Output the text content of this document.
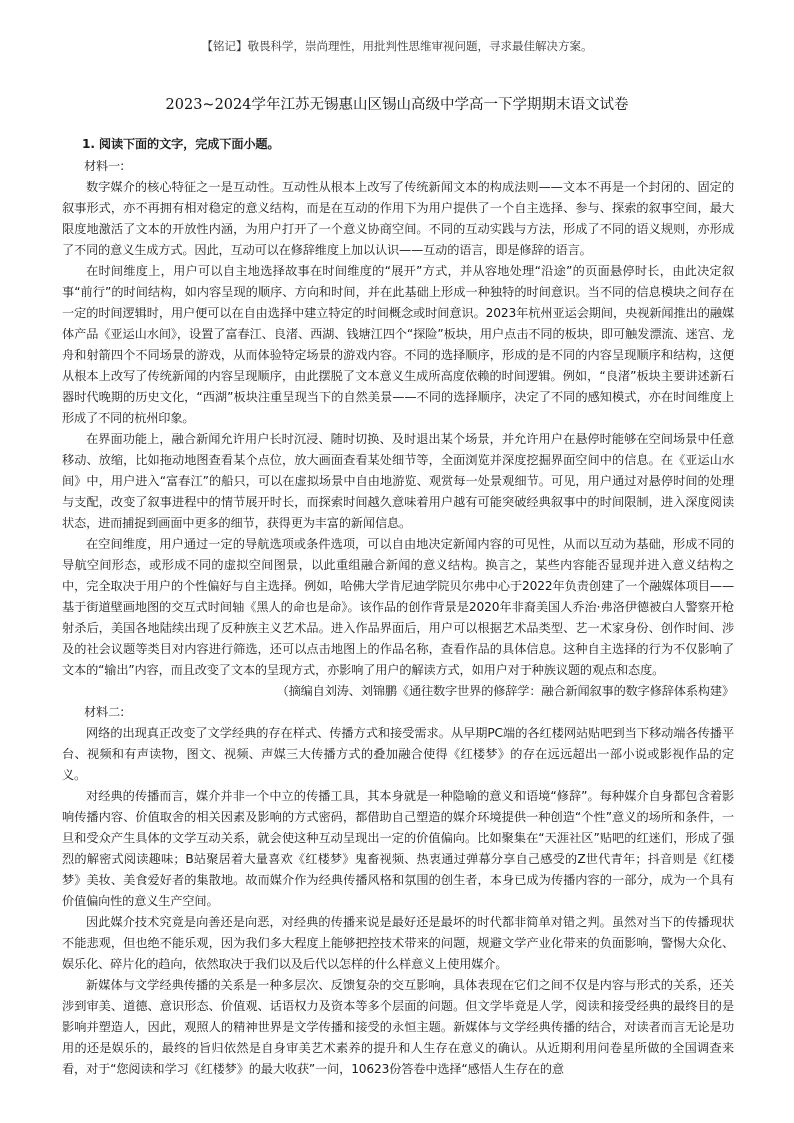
【铭记】敬畏科学，崇尚理性，用批判性思维审视问题，寻求最佳解决方案。
2023~2024学年江苏无锡惠山区锡山高级中学高一下学期期末语文试卷
1. 阅读下面的文字，完成下面小题。
材料一:

数字媒介的核心特征之一是互动性。互动性从根本上改写了传统新闻文本的构成法则——文本不再是一个封闭的、固定的叙事形式，亦不再拥有相对稳定的意义结构，而是在互动的作用下为用户提供了一个自主选择、参与、探索的叙事空间，最大限度地激活了文本的开放性内涵，为用户打开了一个意义协商空间。不同的互动实践与方法，形成了不同的语义规则，亦形成了不同的意义生成方式。因此，互动可以在修辞维度上加以认识——互动的语言，即是修辞的语言。

在时间维度上，用户可以自主地选择故事在时间维度的“展开”方式，并从容地处理“沿途”的页面悬停时长，由此决定叙事“前行”的时间结构，如内容呈现的顺序、方向和时间，并在此基础上形成一种独特的时间意识。当不同的信息模块之间存在一定的时间逻辑时，用户便可以在自由选择中建立特定的时间概念或时间意识。2023年杭州亚运会期间，央视新闻推出的融媒体产品《亚运山水间》，设置了富春江、良渚、西湖、钱塘江四个“探险”板块，用户点击不同的板块，即可触发漂流、迷宫、龙舟和射箭四个不同场景的游戏，从而体验特定场景的游戏内容。不同的选择顺序，形成的是不同的内容呈现顺序和结构，这便从根本上改写了传统新闻的内容呈现顺序，由此摆脱了文本意义生成所高度依赖的时间逻辑。例如，“良渚”板块主要讲述新石器时代晚期的历史文化，“西湖”板块注重呈现当下的自然美景——不同的选择顺序，决定了不同的感知模式，亦在时间维度上形成了不同的杭州印象。

在界面功能上，融合新闻允许用户长时沉浸、随时切换、及时退出某个场景，并允许用户在悬停时能够在空间场景中任意移动、放缩，比如拖动地图查看某个点位，放大画面查看某处细节等，全面浏览并深度挖掘界面空间中的信息。在《亚运山水间》中，用户进入“富春江”的船只，可以在虚拟场景中自由地游览、观赏每一处景观细节。可见，用户通过对悬停时间的处理与支配，改变了叙事进程中的情节展开时长，而探索时间越久意味着用户越有可能突破经典叙事中的时间限制，进入深度阅读状态，进而捕捉到画面中更多的细节，获得更为丰富的新闻信息。

在空间维度，用户通过一定的导航选项或条件选项，可以自由地决定新闻内容的可见性，从而以互动为基础，形成不同的导航空间形态，或形成不同的虚拟空间图景，以此重组融合新闻的意义结构。换言之，某些内容能否显现并进入意义结构之中，完全取决于用户的个性偏好与自主选择。例如，哈佛大学肯尼迪学院贝尔弗中心于2022年负责创建了一个融媒体项目——基于街道壁画地图的交互式时间轴《黑人的命也是命》。该作品的创作背景是2020年非裔美国人乔治·弗洛伊德被白人警察开枪射杀后，美国各地陆续出现了反种族主义艺术品。进入作品界面后，用户可以根据艺术品类型、艺一术家身份、创作时间、涉及的社会议题等类目对内容进行筛选，还可以点击地图上的作品名称，查看作品的具体信息。这种自主选择的行为不仅影响了文本的“输出”内容，而且改变了文本的呈现方式，亦影响了用户的解读方式，如用户对于种族议题的观点和态度。

（摘编自刘涛、刘锦鹏《通往数字世界的修辞学：融合新闻叙事的数字修辞体系构建》

材料二:

网络的出现真正改变了文学经典的存在样式、传播方式和接受需求。从早期PC端的各红楼网站贴吧到当下移动端各传播平台、视频和有声读物，图文、视频、声媒三大传播方式的叠加融合使得《红楼梦》的存在远远超出一部小说或影视作品的定义。

对经典的传播而言，媒介并非一个中立的传播工具，其本身就是一种隐喻的意义和语境“修辞”。每种媒介自身都包含着影响传播内容、价值取舍的相关因素及影响的方式密码，都借助自己塑造的媒介环境提供一种创造“个性”意义的场所和条件，一旦和受众产生具体的文学互动关系，就会使这种互动呈现出一定的价值偏向。比如聚集在“天涯社区”贴吧的红迷们，形成了强烈的解密式阅读趣味；B站聚居着大量喜欢《红楼梦》鬼畜视频、热衷通过弹幕分享自己感受的Z世代青年；抖音则是《红楼梦》美妆、美食爱好者的集散地。故而媒介作为经典传播风格和氛围的创生者，本身已成为传播内容的一部分，成为一个具有价值偏向性的意义生产空间。

因此媒介技术究竟是向善还是向恶，对经典的传播来说是最好还是最坏的时代都非简单对错之判。虽然对当下的传播现状不能悲观，但也绝不能乐观，因为我们多大程度上能够把控技术带来的问题，规避文学产业化带来的负面影响，警惕大众化、娱乐化、碎片化的趋向，依然取决于我们以及后代以怎样的什么样意义上使用媒介。

新媒体与文学经典传播的关系是一种多层次、反馈复杂的交互影响，具体表现在它们之间不仅是内容与形式的关系，还关涉到审美、道德、意识形态、价值观、话语权力及资本等多个层面的问题。但文学毕竟是人学，阅读和接受经典的最终目的是影响并塑造人，因此，观照人的精神世界是文学传播和接受的永恒主题。新媒体与文学经典传播的结合，对读者而言无论是功用的还是娱乐的，最终的旨归依然是自身审美艺术素养的提升和人生存在意义的确认。从近期利用问卷星所做的全国调查来看，对于“您阅读和学习《红楼梦》的最大收获”一问，10623份答卷中选择“感悟人生存在的意
